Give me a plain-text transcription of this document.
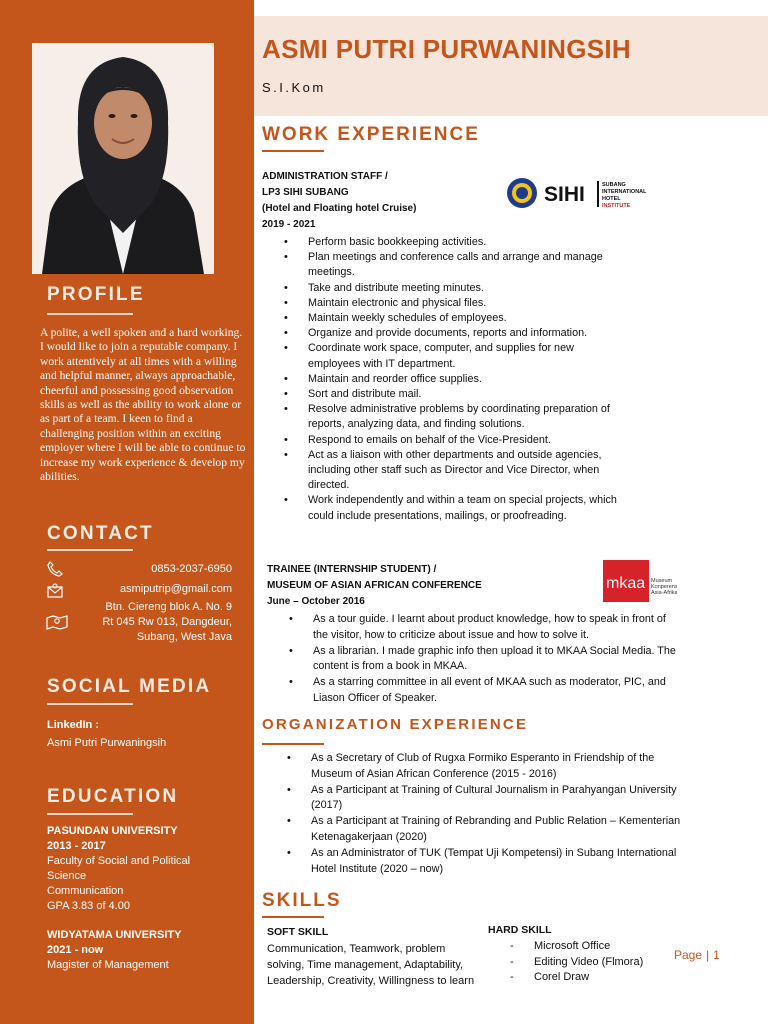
PROFILE

A polite, a well spoken and a hard working. I would like to join a reputable company. I work attentively at all times with a willing and helpful manner, always approachable, cheerful and possessing good observation skills as well as the ability to work alone or as part of a team. I keen to find a challenging position within an exciting employer where I will be able to continue to increase my work experience & develop my abilities.

CONTACT
0853-2037-6950
asmiputrip@gmail.com
Btn. Ciereng blok A. No. 9
Rt 045 Rw 013, Dangdeur,
Subang, West Java
SOCIAL MEDIA
LinkedIn :
Asmi Putri Purwaningsih
EDUCATION
PASUNDAN UNIVERSITY
2013 - 2017
Faculty of Social and Political
Science
Communication
GPA 3.83 of 4.00
WIDYATAMA UNIVERSITY
2021 - now
Magister of Management
ASMI PUTRI PURWANINGSIH
S.I.Kom
WORK EXPERIENCE
ADMINISTRATION STAFF /
LP3 SIHI SUBANG
(Hotel and Floating hotel Cruise)
2019 - 2021
SIHI	SUBANG
INTERNATIONAL
HOTEL
INSTITUTE
• Perform basic bookkeeping activities.
• Plan meetings and conference calls and arrange and manage meetings.
• Take and distribute meeting minutes.
• Maintain electronic and physical files.
• Maintain weekly schedules of employees.
• Organize and provide documents, reports and information.
• Coordinate work space, computer, and supplies for new employees with IT department.
• Maintain and reorder office supplies.
• Sort and distribute mail.
• Resolve administrative problems by coordinating preparation of reports, analyzing data, and finding solutions.
• Respond to emails on behalf of the Vice-President.
• Act as a liaison with other departments and outside agencies, including other staff such as Director and Vice Director, when directed.
• Work independently and within a team on special projects, which could include presentations, mailings, or proofreading.
TRAINEE (INTERNSHIP STUDENT) /
MUSEUM OF ASIAN AFRICAN CONFERENCE
June – October 2016
mkaa Museum
Konperensi
Asia-Afrika
• As a tour guide. I learnt about product knowledge, how to speak in front of the visitor, how to criticize about issue and how to solve it.
• As a librarian. I made graphic info then upload it to MKAA Social Media. The content is from a book in MKAA.
• As a starring committee in all event of MKAA such as moderator, PIC, and Liason Officer of Speaker.
ORGANIZATION EXPERIENCE
• As a Secretary of Club of Rugxa Formiko Esperanto in Friendship of the Museum of Asian African Conference (2015 - 2016)
• As a Participant at Training of Cultural Journalism in Parahyangan University (2017)
• As a Participant at Training of Rebranding and Public Relation – Kementerian Ketenagakerjaan (2020)
• As an Administrator of TUK (Tempat Uji Kompetensi) in Subang International Hotel Institute (2020 – now)
SKILLS
SOFT SKILL
Communication, Teamwork, problem solving, Time management, Adaptability, Leadership, Creativity, Willingness to learn
HARD SKILL
- Microsoft Office
- Editing Video (Flmora)
- Corel Draw
Page | 1
